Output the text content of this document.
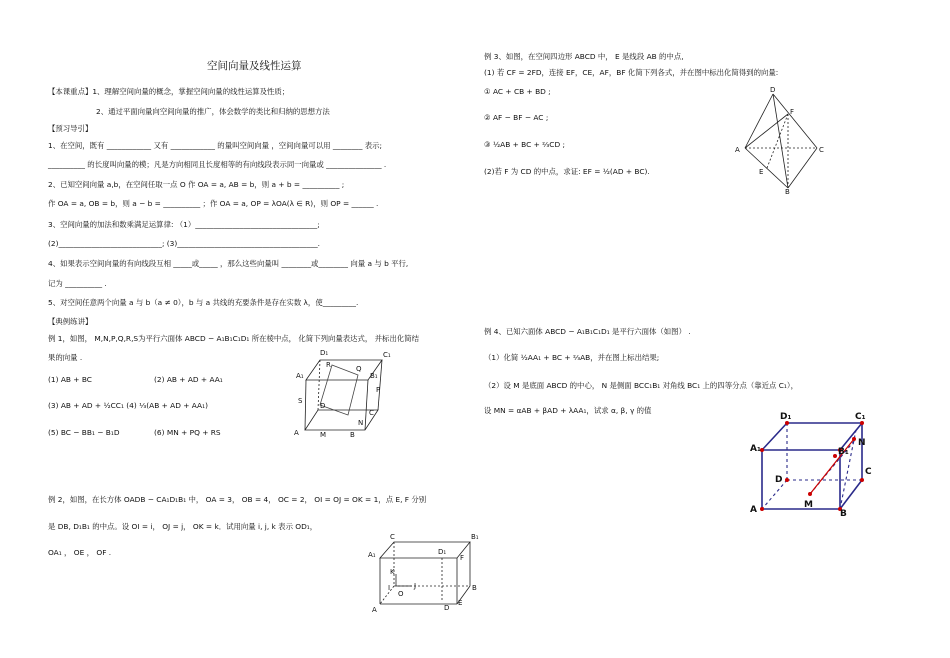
空间向量及线性运算
【本课重点】1、理解空间向量的概念，掌握空间向量的线性运算及性质；
2、通过平面向量向空间向量的推广，体会数学的类比和归纳的思想方法
【预习导引】
1、在空间，既有 ____________ 又有 ____________ 的量叫空间向量 ，空间向量可以用 ________ 表示;
__________ 的长度叫向量的模；凡是方向相同且长度相等的有向线段表示同一向量或 _______________ .
2、已知空间向量 a,b，在空间任取一点 O 作 OA = a, AB = b，则 a + b = __________ ;
作 OA = a, OB = b，则 a − b = __________ ；作 OA = a, OP = λOA(λ ∈ R)，则 OP = ______ .
3、空间向量的加法和数乘满足运算律: （1）_________________________________;
(2)____________________________; (3)______________________________________.
4、如果表示空间向量的有向线段互相 _____或_____ ，那么这些向量叫 ________或________ 向量 a 与 b 平行,
记为 __________ .
5、对空间任意两个向量 a 与 b（a ≠ 0），b 与 a 共线的充要条件是存在实数 λ，使_________.
【典例练讲】
例 1，如图， M,N,P,Q,R,S为平行六面体 ABCD − A₁B₁C₁D₁ 所在棱中点， 化简下列向量表达式， 并标出化简结
果的向量 .
(1) AB + BC	(2) AB + AD + AA₁
(3) AB + AD + ½CC₁ (4) ⅓(AB + AD + AA₁)
(5) BC − BB₁ − B₁D	(6) MN + PQ + RS
D₁	C₁
A₁	B₁
R	Q
P
S
D
C
N
A	M	B
例 2，如图，在长方体 OADB − CA₁D₁B₁ 中， OA = 3， OB = 4， OC = 2， OI = OJ = OK = 1，点 E, F 分别
是 DB, D₁B₁ 的中点。设 OI = i， OJ = j， OK = k．试用向量 i, j, k 表示 OD₁，
OA₁ ， OE ， OF .
C	B₁
A₁	D₁
F
K
J
I
O
B
A	D
E
例 3、如图，在空间四边形 ABCD 中， E 是线段 AB 的中点,
(1) 若 CF = 2FD，连接 EF，CE，AF，BF 化简下列各式，并在图中标出化简得到的向量:
① AC + CB + BD ;
② AF − BF − AC ;
③ ½AB + BC + ⅔CD ;
(2)若 F 为 CD 的中点，求证: EF = ½(AD + BC).
D
F
A	C
E
B
例 4、已知六面体 ABCD − A₁B₁C₁D₁ 是平行六面体（如图） .
（1）化简 ½AA₁ + BC + ⅔AB，并在图上标出结果;
（2）设 M 是底面 ABCD 的中心， N 是侧面 BCC₁B₁ 对角线 BC₁ 上的四等分点（靠近点 C₁），
设 MN = αAB + βAD + λAA₁，试求 α, β, γ 的值
D₁	C₁
A₁	B₁
N
C
D
M
A	B
